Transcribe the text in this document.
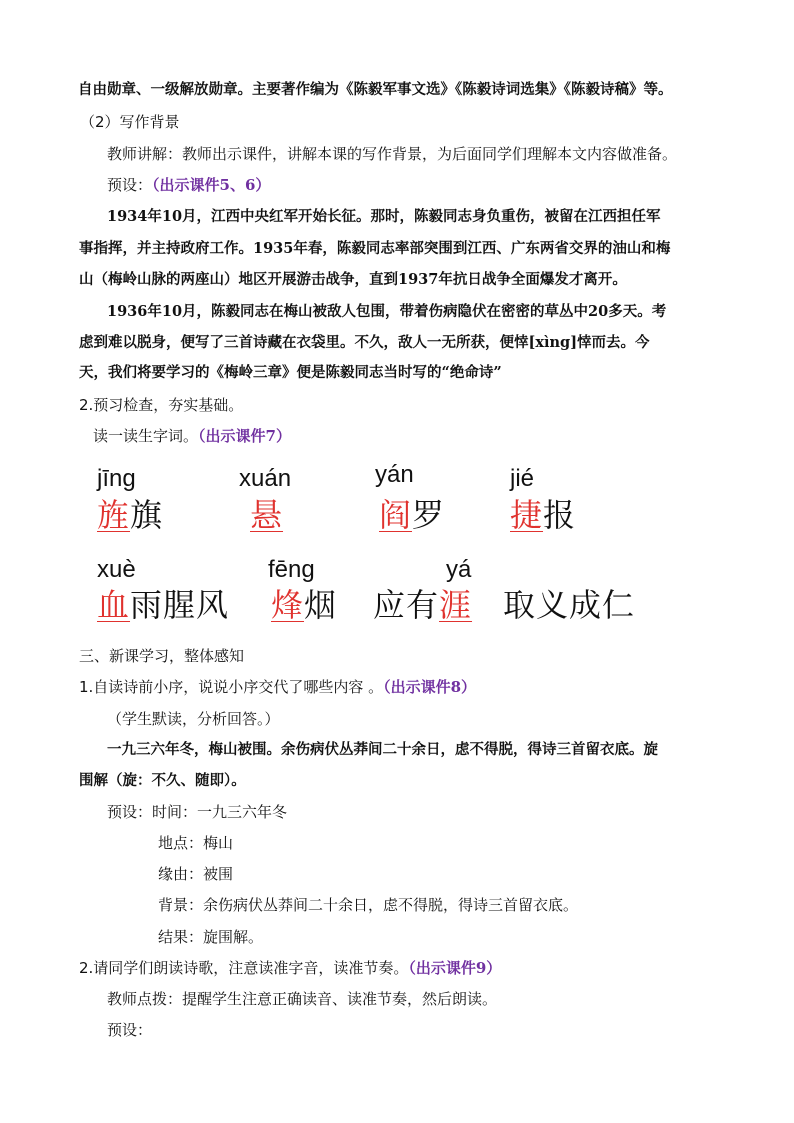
自由勋章、一级解放勋章。主要著作编为《陈毅军事文选》《陈毅诗词选集》《陈毅诗稿》等。
（2）写作背景
教师讲解：教师出示课件，讲解本课的写作背景，为后面同学们理解本文内容做准备。
预设：（出示课件5、6）
1934年10月，江西中央红军开始长征。那时，陈毅同志身负重伤，被留在江西担任军
事指挥，并主持政府工作。1935年春，陈毅同志率部突围到江西、广东两省交界的油山和梅
山（梅岭山脉的两座山）地区开展游击战争，直到1937年抗日战争全面爆发才离开。
1936年10月，陈毅同志在梅山被敌人包围，带着伤病隐伏在密密的草丛中20多天。考
虑到难以脱身，便写了三首诗藏在衣袋里。不久，敌人一无所获，便悻[xìng]悻而去。今
天，我们将要学习的《梅岭三章》便是陈毅同志当时写的“绝命诗”
2.预习检查，夯实基础。
读一读生字词。（出示课件7）
jīng
旌旗
xuán
悬
yán
阎罗
jié
捷报
xuè
血雨腥风
fēng
烽烟
yá
应有涯 取义成仁
三、新课学习，整体感知
1.自读诗前小序，说说小序交代了哪些内容 。（出示课件8）
（学生默读，分析回答。）
一九三六年冬，梅山被围。余伤病伏丛莽间二十余日，虑不得脱，得诗三首留衣底。旋
围解（旋：不久、随即）。
预设：时间：一九三六年冬
地点：梅山
缘由：被围
背景：余伤病伏丛莽间二十余日，虑不得脱，得诗三首留衣底。
结果：旋围解。
2.请同学们朗读诗歌，注意读准字音，读准节奏。（出示课件9）
教师点拨：提醒学生注意正确读音、读准节奏，然后朗读。
预设：
